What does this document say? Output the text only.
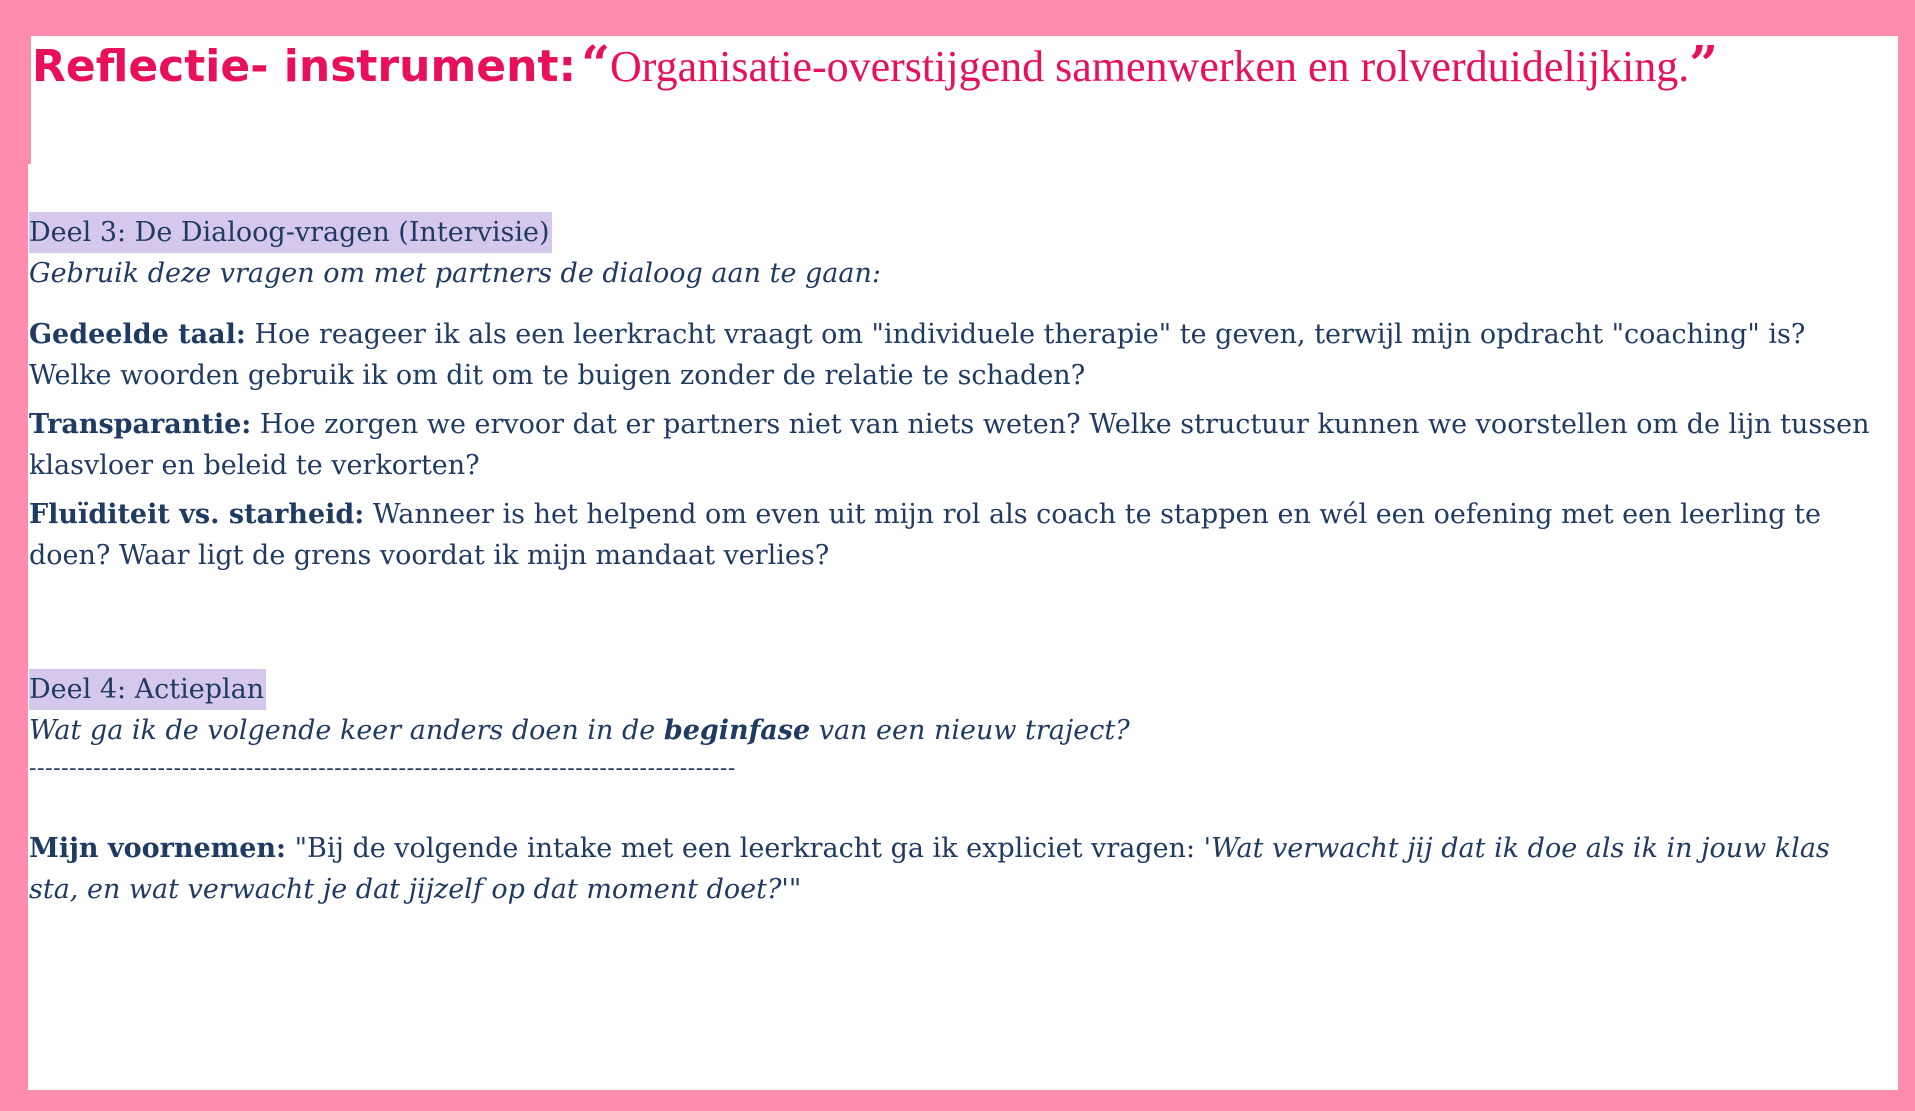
Reflectie- instrument: “Organisatie-overstijgend samenwerken en rolverduidelijking.”
Deel 3: De Dialoog-vragen (Intervisie)

Gebruik deze vragen om met partners de dialoog aan te gaan:

Gedeelde taal: Hoe reageer ik als een leerkracht vraagt om "individuele therapie" te geven, terwijl mijn opdracht "coaching" is? Welke woorden gebruik ik om dit om te buigen zonder de relatie te schaden?

Transparantie: Hoe zorgen we ervoor dat er partners niet van niets weten? Welke structuur kunnen we voorstellen om de lijn tussen klasvloer en beleid te verkorten?

Fluïditeit vs. starheid: Wanneer is het helpend om even uit mijn rol als coach te stappen en wél een oefening met een leerling te doen? Waar ligt de grens voordat ik mijn mandaat verlies?

Deel 4: Actieplan

Wat ga ik de volgende keer anders doen in de beginfase van een nieuw traject?

----------------------------------------------------------------------------------------

Mijn voornemen: "Bij de volgende intake met een leerkracht ga ik expliciet vragen: 'Wat verwacht jij dat ik doe als ik in jouw klas sta, en wat verwacht je dat jijzelf op dat moment doet?'"
